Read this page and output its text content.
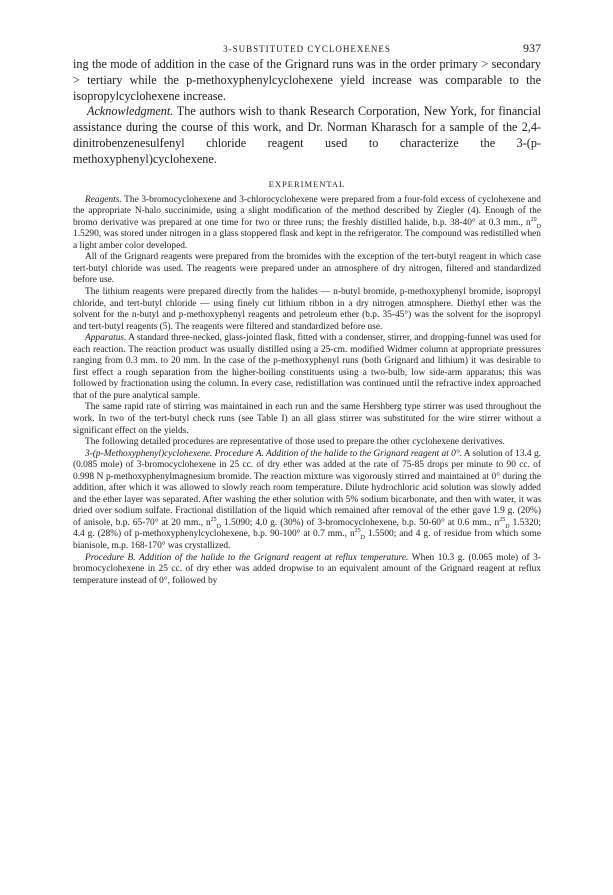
3-SUBSTITUTED CYCLOHEXENES	937

ing the mode of addition in the case of the Grignard runs was in the order primary > secondary > tertiary while the p-methoxyphenylcyclohexene yield increase was comparable to the isopropylcyclohexene increase.

Acknowledgment. The authors wish to thank Research Corporation, New York, for financial assistance during the course of this work, and Dr. Norman Kharasch for a sample of the 2,4-dinitrobenzenesulfenyl chloride reagent used to characterize the 3-(p-methoxyphenyl)cyclohexene.

EXPERIMENTAL

Reagents. The 3-bromocyclohexene and 3-chlorocyclohexene were prepared from a four-fold excess of cyclohexene and the appropriate N-halo succinimide, using a slight modification of the method described by Ziegler (4). Enough of the bromo derivative was prepared at one time for two or three runs; the freshly distilled halide, b.p. 38-40° at 0.3 mm., $n^{20}_D$ 1.5290, was stored under nitrogen in a glass stoppered flask and kept in the refrigerator. The compound was redistilled when a light amber color developed.

All of the Grignard reagents were prepared from the bromides with the exception of the tert-butyl reagent in which case tert-butyl chloride was used. The reagents were prepared under an atmosphere of dry nitrogen, filtered and standardized before use.

The lithium reagents were prepared directly from the halides — n-butyl bromide, p-methoxyphenyl bromide, isopropyl chloride, and tert-butyl chloride — using finely cut lithium ribbon in a dry nitrogen atmosphere. Diethyl ether was the solvent for the n-butyl and p-methoxyphenyl reagents and petroleum ether (b.p. 35-45°) was the solvent for the isopropyl and tert-butyl reagents (5). The reagents were filtered and standardized before use.

Apparatus. A standard three-necked, glass-jointed flask, fitted with a condenser, stirrer, and dropping-funnel was used for each reaction. The reaction product was usually distilled using a 25-cm. modified Widmer column at appropriate pressures ranging from 0.3 mm. to 20 mm. In the case of the p-methoxyphenyl runs (both Grignard and lithium) it was desirable to first effect a rough separation from the higher-boiling constituents using a two-bulb, low side-arm apparatus; this was followed by fractionation using the column. In every case, redistillation was continued until the refractive index approached that of the pure analytical sample.

The same rapid rate of stirring was maintained in each run and the same Hershberg type stirrer was used throughout the work. In two of the tert-butyl check runs (see Table I) an all glass stirrer was substituted for the wire stirrer without a significant effect on the yields.

The following detailed procedures are representative of those used to prepare the other cyclohexene derivatives.

3-(p-Methoxyphenyl)cyclohexene. Procedure A. Addition of the halide to the Grignard reagent at 0°. A solution of 13.4 g. (0.085 mole) of 3-bromocyclohexene in 25 cc. of dry ether was added at the rate of 75-85 drops per minute to 90 cc. of 0.998 N p-methoxyphenylmagnesium bromide. The reaction mixture was vigorously stirred and maintained at 0° during the addition, after which it was allowed to slowly reach room temperature. Dilute hydrochloric acid solution was slowly added and the ether layer was separated. After washing the ether solution with 5% sodium bicarbonate, and then with water, it was dried over sodium sulfate. Fractional distillation of the liquid which remained after removal of the ether gave 1.9 g. (20%) of anisole, b.p. 65-70° at 20 mm., $n^{25}_D$ 1.5090; 4.0 g. (30%) of 3-bromocyclohexene, b.p. 50-60° at 0.6 mm., $n^{25}_D$ 1.5320; 4.4 g. (28%) of p-methoxyphenylcyclohexene, b.p. 90-100° at 0.7 mm., $n^{25}_D$ 1.5500; and 4 g. of residue from which some bianisole, m.p. 168-170° was crystallized.

Procedure B. Addition of the halide to the Grignard reagent at reflux temperature. When 10.3 g. (0.065 mole) of 3-bromocyclohexene in 25 cc. of dry ether was added dropwise to an equivalent amount of the Grignard reagent at reflux temperature instead of 0°, followed by
